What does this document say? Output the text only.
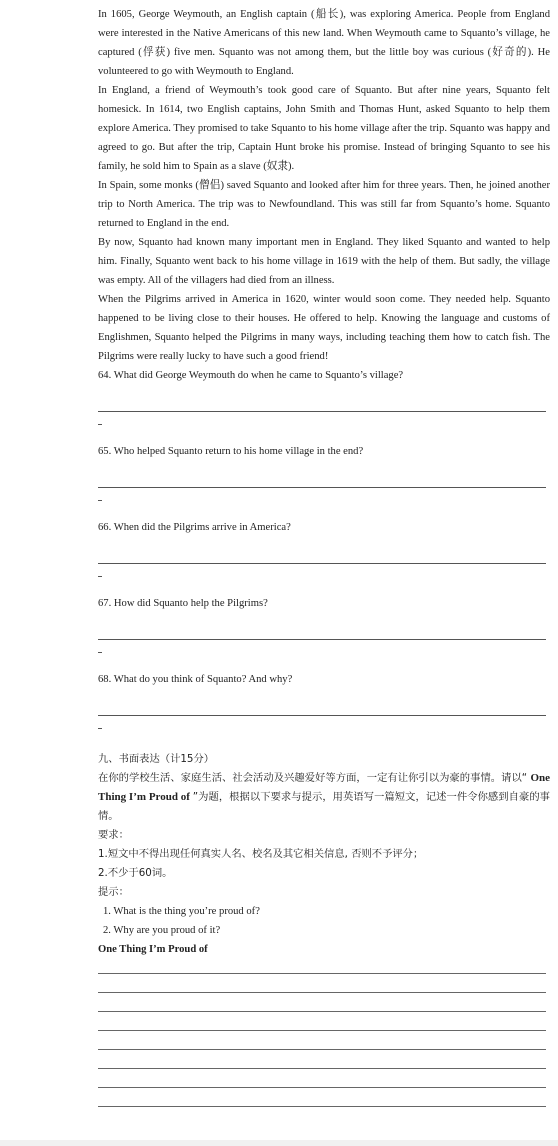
In 1605, George Weymouth, an English captain (船长), was exploring America. People from England were interested in the Native Americans of this new land. When Weymouth came to Squanto’s village, he captured (俘获) five men. Squanto was not among them, but the little boy was curious (好奇的). He volunteered to go with Weymouth to England.

In England, a friend of Weymouth’s took good care of Squanto. But after nine years, Squanto felt homesick. In 1614, two English captains, John Smith and Thomas Hunt, asked Squanto to help them explore America. They promised to take Squanto to his home village after the trip. Squanto was happy and agreed to go. But after the trip, Captain Hunt broke his promise. Instead of bringing Squanto to see his family, he sold him to Spain as a slave (奴隶).

In Spain, some monks (僧侣) saved Squanto and looked after him for three years. Then, he joined another trip to North America. The trip was to Newfoundland. This was still far from Squanto’s home. Squanto returned to England in the end.

By now, Squanto had known many important men in England. They liked Squanto and wanted to help him. Finally, Squanto went back to his home village in 1619 with the help of them. But sadly, the village was empty. All of the villagers had died from an illness.

When the Pilgrims arrived in America in 1620, winter would soon come. They needed help. Squanto happened to be living close to their houses. He offered to help. Knowing the language and customs of Englishmen, Squanto helped the Pilgrims in many ways, including teaching them how to catch fish. The Pilgrims were really lucky to have such a good friend!

64. What did George Weymouth do when he came to Squanto’s village?

65. Who helped Squanto return to his home village in the end?

66. When did the Pilgrims arrive in America?

67. How did Squanto help the Pilgrims?

68. What do you think of Squanto? And why?

九、书面表达（计15分）

在你的学校生活、家庭生活、社会活动及兴趣爱好等方面，一定有让你引以为豪的事情。请以“ One Thing I’m Proud of ”为题，根据以下要求与提示，用英语写一篇短文，记述一件令你感到自豪的事情。

要求：

1.短文中不得出现任何真实人名、校名及其它相关信息, 否则不予评分；

2.不少于60词。

提示：

1. What is the thing you’re proud of?

2. Why are you proud of it?

One Thing I’m Proud of
